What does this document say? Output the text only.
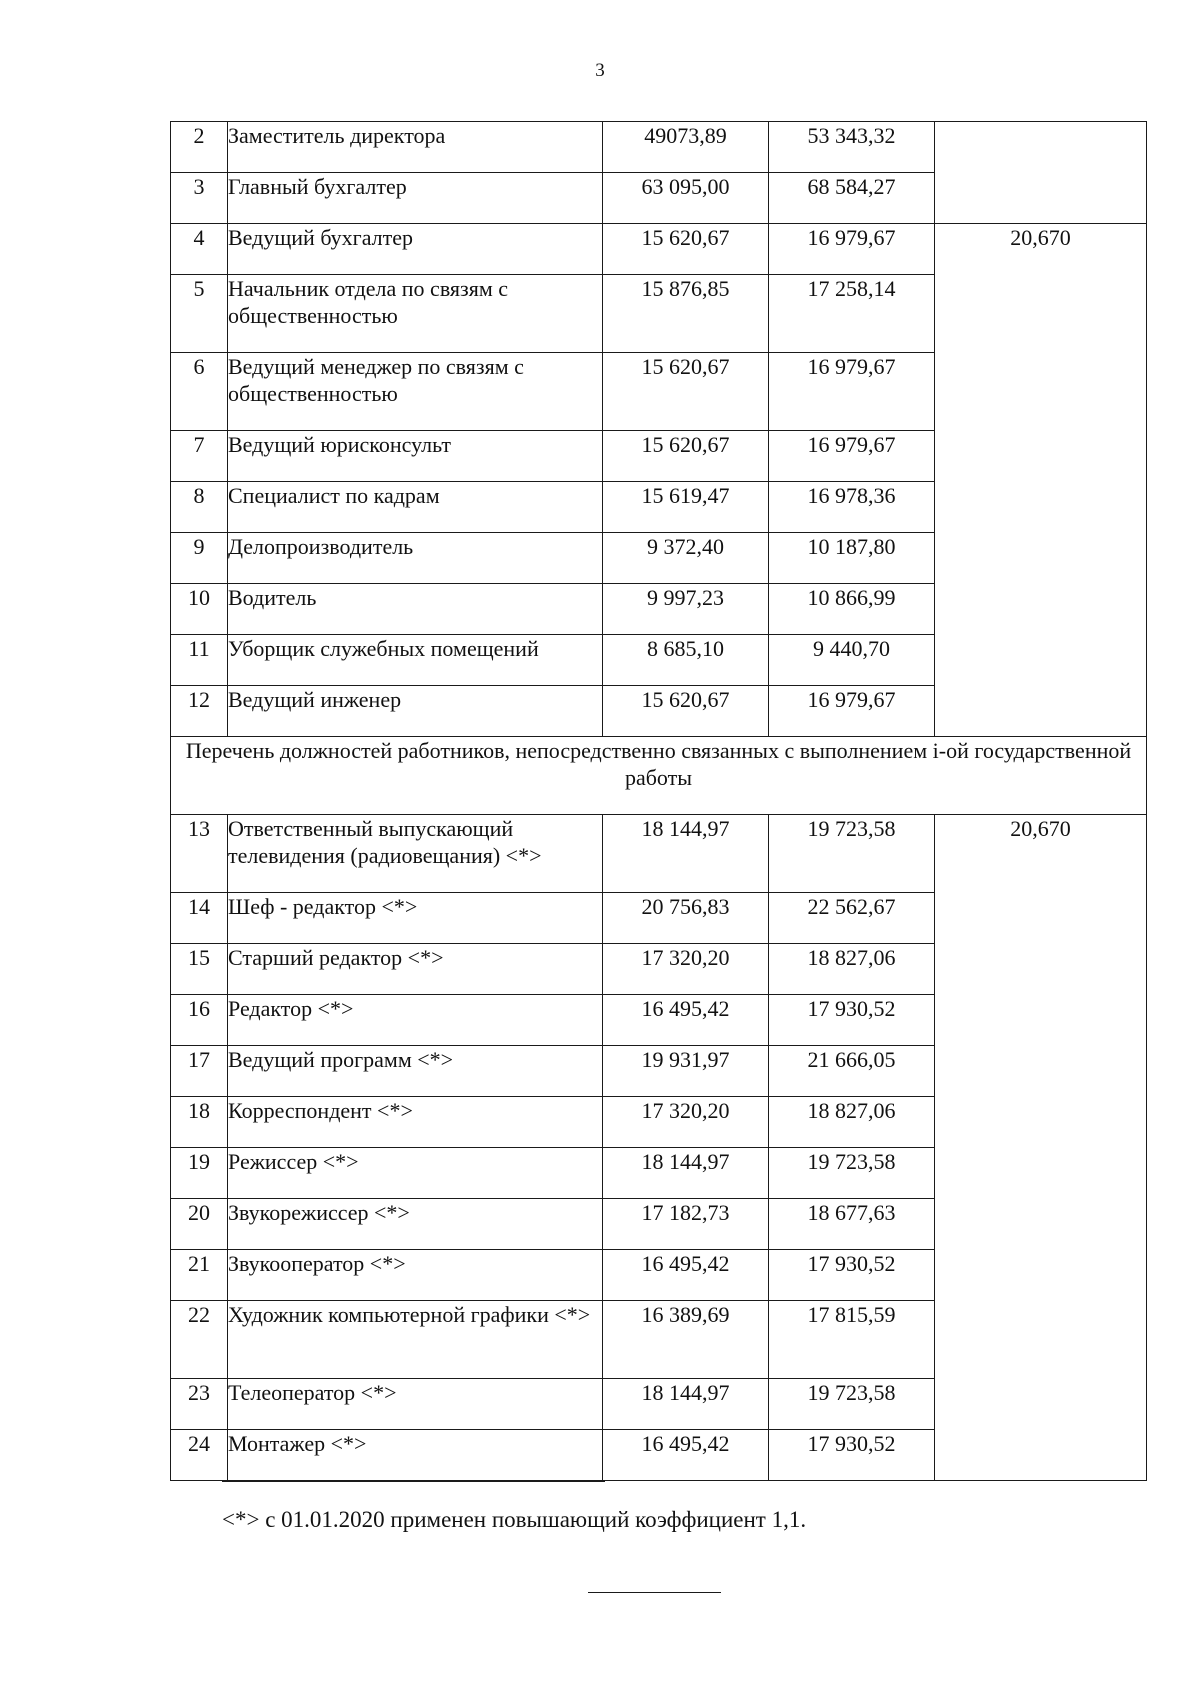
3
2	Заместитель директора	49073,89	53 343,32	
3	Главный бухгалтер	63 095,00	68 584,27	
4	Ведущий бухгалтер	15 620,67	16 979,67	20,670
5	Начальник отдела по связям с общественностью	15 876,85	17 258,14	
6	Ведущий менеджер по связям с общественностью	15 620,67	16 979,67	
7	Ведущий юрисконсульт	15 620,67	16 979,67	
8	Специалист по кадрам	15 619,47	16 978,36	
9	Делопроизводитель	9 372,40	10 187,80	
10	Водитель	9 997,23	10 866,99	
11	Уборщик служебных помещений	8 685,10	9 440,70	
12	Ведущий инженер	15 620,67	16 979,67	
Перечень должностей работников, непосредственно связанных с выполнением i-ой государственной работы				
13	Ответственный выпускающий телевидения (радиовещания) <*>	18 144,97	19 723,58	20,670
14	Шеф - редактор <*>	20 756,83	22 562,67	
15	Старший редактор <*>	17 320,20	18 827,06	
16	Редактор <*>	16 495,42	17 930,52	
17	Ведущий программ <*>	19 931,97	21 666,05	
18	Корреспондент <*>	17 320,20	18 827,06	
19	Режиссер <*>	18 144,97	19 723,58	
20	Звукорежиссер <*>	17 182,73	18 677,63	
21	Звукооператор <*>	16 495,42	17 930,52	
22	Художник компьютерной графики <*>	16 389,69	17 815,59	
23	Телеоператор <*>	18 144,97	19 723,58	
24	Монтажер <*>	16 495,42	17 930,52	
<*> с 01.01.2020 применен повышающий коэффициент 1,1.
